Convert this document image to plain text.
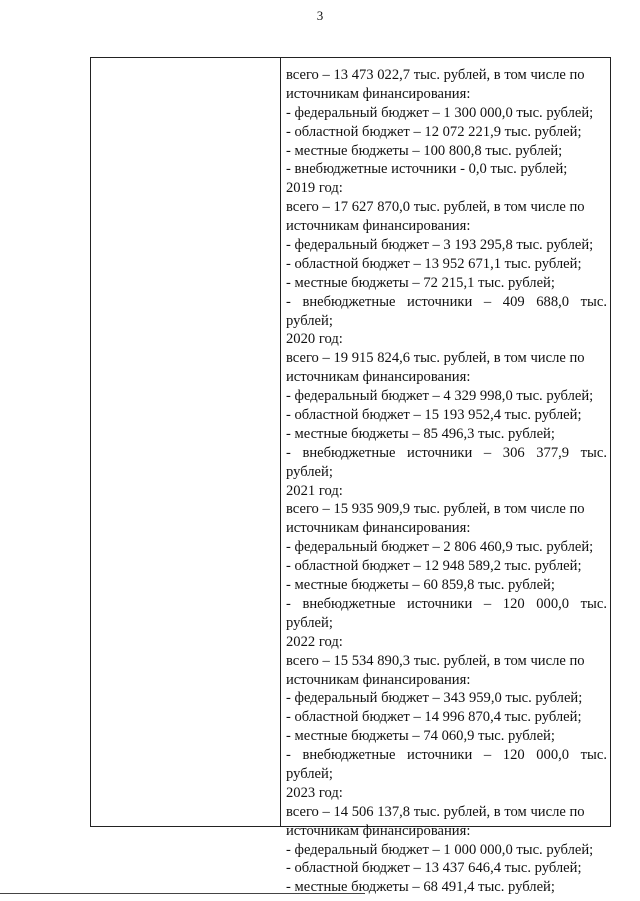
3
всего – 13 473 022,7 тыс. рублей, в том числе по
источникам финансирования:
- федеральный бюджет – 1 300 000,0 тыс. рублей;
- областной бюджет – 12 072 221,9 тыс. рублей;
- местные бюджеты – 100 800,8 тыс. рублей;
- внебюджетные источники - 0,0 тыс. рублей;
2019 год:
всего – 17 627 870,0 тыс. рублей, в том числе по
источникам финансирования:
- федеральный бюджет – 3 193 295,8 тыс. рублей;
- областной бюджет – 13 952 671,1 тыс. рублей;
- местные бюджеты – 72 215,1 тыс. рублей;
- внебюджетные источники – 409 688,0 тыс.
рублей;
2020 год:
всего – 19 915 824,6 тыс. рублей, в том числе по
источникам финансирования:
- федеральный бюджет – 4 329 998,0 тыс. рублей;
- областной бюджет – 15 193 952,4 тыс. рублей;
- местные бюджеты – 85 496,3 тыс. рублей;
- внебюджетные источники – 306 377,9 тыс.
рублей;
2021 год:
всего – 15 935 909,9 тыс. рублей, в том числе по
источникам финансирования:
- федеральный бюджет – 2 806 460,9 тыс. рублей;
- областной бюджет – 12 948 589,2 тыс. рублей;
- местные бюджеты – 60 859,8 тыс. рублей;
- внебюджетные источники – 120 000,0 тыс.
рублей;
2022 год:
всего – 15 534 890,3 тыс. рублей, в том числе по
источникам финансирования:
- федеральный бюджет – 343 959,0 тыс. рублей;
- областной бюджет – 14 996 870,4 тыс. рублей;
- местные бюджеты – 74 060,9 тыс. рублей;
- внебюджетные источники – 120 000,0 тыс.
рублей;
2023 год:
всего – 14 506 137,8 тыс. рублей, в том числе по
источникам финансирования:
- федеральный бюджет – 1 000 000,0 тыс. рублей;
- областной бюджет – 13 437 646,4 тыс. рублей;
- местные бюджеты – 68 491,4 тыс. рублей;
